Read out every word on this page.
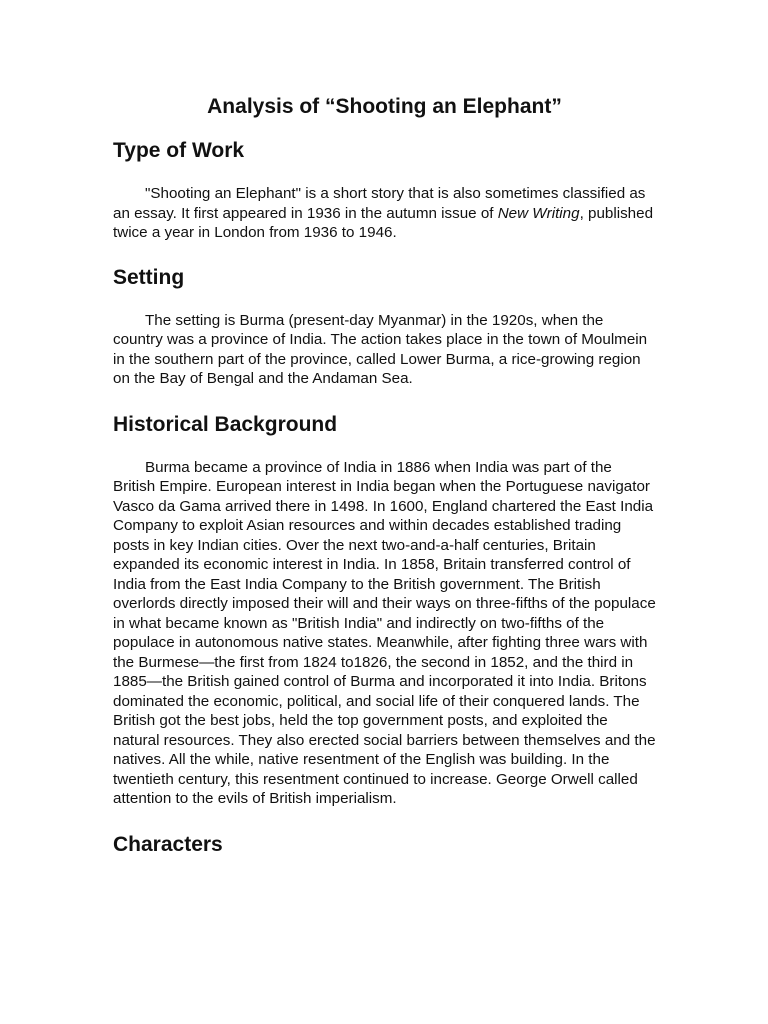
Analysis of “Shooting an Elephant”
Type of Work

"Shooting an Elephant" is a short story that is also sometimes classified as an essay. It first appeared in 1936 in the autumn issue of New Writing, published twice a year in London from 1936 to 1946.

Setting

The setting is Burma (present-day Myanmar) in the 1920s, when the country was a province of India. The action takes place in the town of Moulmein in the southern part of the province, called Lower Burma, a rice-growing region on the Bay of Bengal and the Andaman Sea.

Historical Background

Burma became a province of India in 1886 when India was part of the British Empire. European interest in India began when the Portuguese navigator Vasco da Gama arrived there in 1498. In 1600, England chartered the East India Company to exploit Asian resources and within decades established trading posts in key Indian cities. Over the next two-and-a-half centuries, Britain expanded its economic interest in India. In 1858, Britain transferred control of India from the East India Company to the British government. The British overlords directly imposed their will and their ways on three-fifths of the populace in what became known as "British India" and indirectly on two-fifths of the populace in autonomous native states. Meanwhile, after fighting three wars with the Burmese—the first from 1824 to1826, the second in 1852, and the third in 1885—the British gained control of Burma and incorporated it into India. Britons dominated the economic, political, and social life of their conquered lands. The British got the best jobs, held the top government posts, and exploited the natural resources. They also erected social barriers between themselves and the natives. All the while, native resentment of the English was building. In the twentieth century, this resentment continued to increase. George Orwell called attention to the evils of British imperialism.

Characters
